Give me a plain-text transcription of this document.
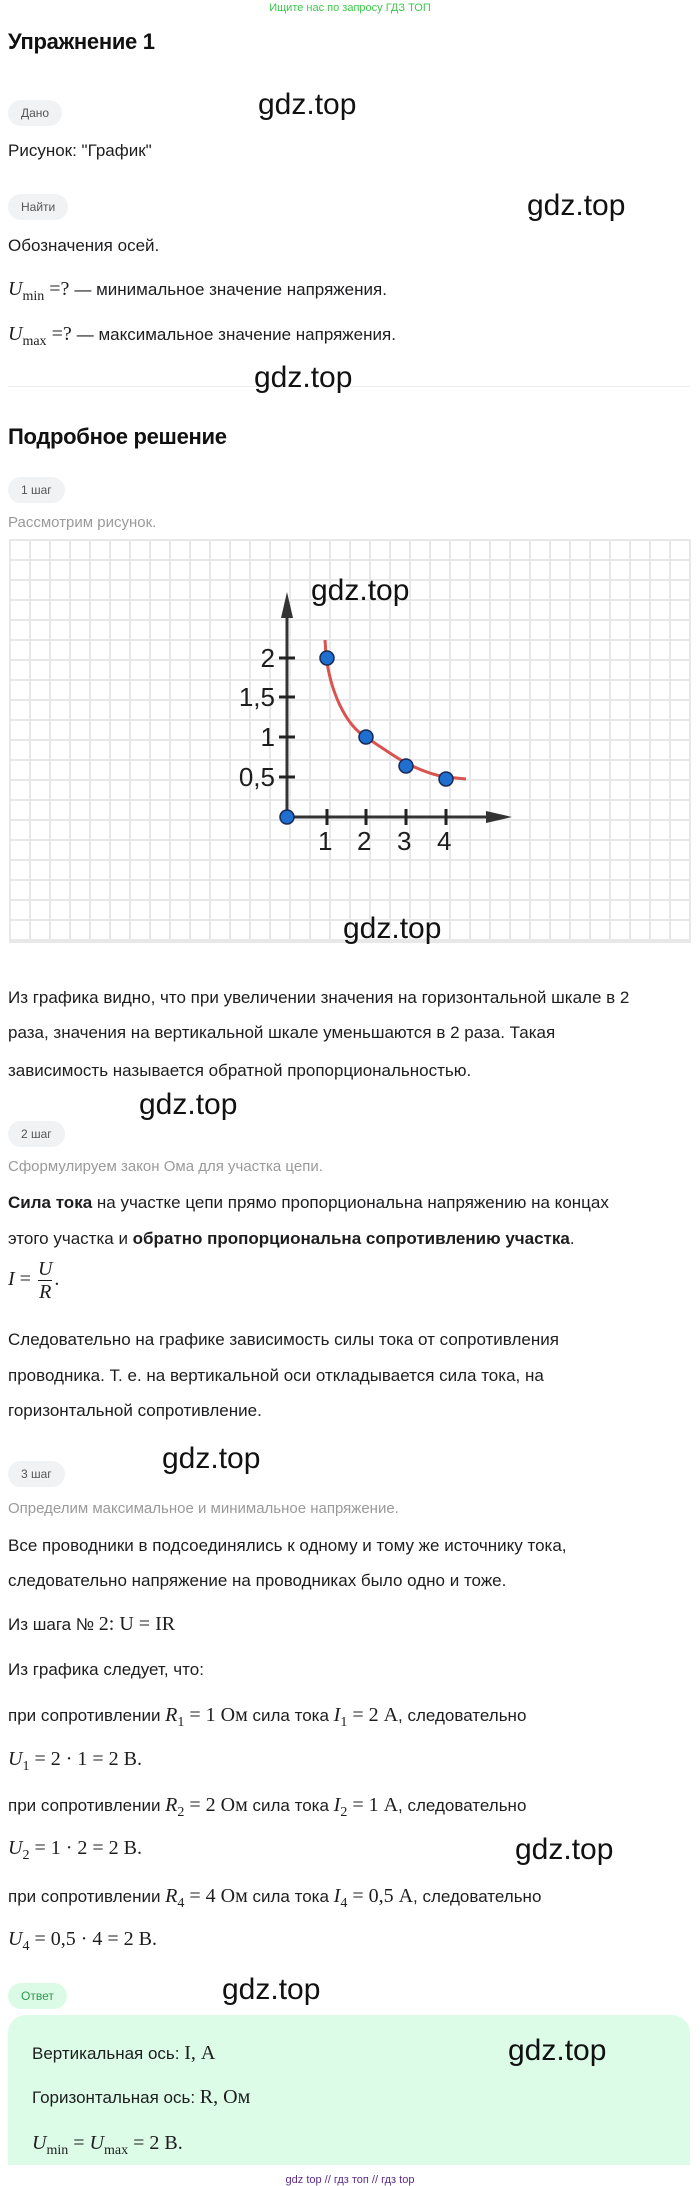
Ищите нас по запросу ГДЗ ТОП
Упражнение 1
Дано
Рисунок: "График"
Найти
Обозначения осей.
$U_{min}$ =? — минимальное значение напряжения.
$U_{max}$ =? — максимальное значение напряжения.
Подробное решение
1 шаг
Рассмотрим рисунок.
1 2 3 4
2
1,5
1
0,5
Из графика видно, что при увеличении значения на горизонтальной шкале в 2
раза, значения на вертикальной шкале уменьшаются в 2 раза. Такая
зависимость называется обратной пропорциональностью.
2 шаг
Сформулируем закон Ома для участка цепи.
Сила тока на участке цепи прямо пропорциональна напряжению на концах
этого участка и обратно пропорциональна сопротивлению участка.
$I = \frac{U}{R}$ .
Следовательно на графике зависимость силы тока от сопротивления
проводника. Т. е. на вертикальной оси откладывается сила тока, на
горизонтальной сопротивление.
3 шаг
Определим максимальное и минимальное напряжение.
Все проводники в подсоединялись к одному и тому же источнику тока,
следовательно напряжение на проводниках было одно и тоже.
Из шага № 2: U = IR
Из графика следует, что:
при сопротивлении $R_1 = 1$ Ом сила тока $I_1 = 2$ А, следовательно
$U_1 = 2 \cdot 1 = 2$ В.
при сопротивлении $R_2 = 2$ Ом сила тока $I_2 = 1$ А, следовательно
$U_2 = 1 \cdot 2 = 2$ В.
при сопротивлении $R_4 = 4$ Ом сила тока $I_4 = 0,5$ А, следовательно
$U_4 = 0,5 \cdot 4 = 2$ В.
Ответ
Вертикальная ось: I, А
Горизонтальная ось: R, Ом
$U_{min} = U_{max} = 2$ В.
gdz top // гдз топ // гдз top
gdz.top
gdz.top
gdz.top
gdz.top
gdz.top
gdz.top
gdz.top
gdz.top
gdz.top
gdz.top
